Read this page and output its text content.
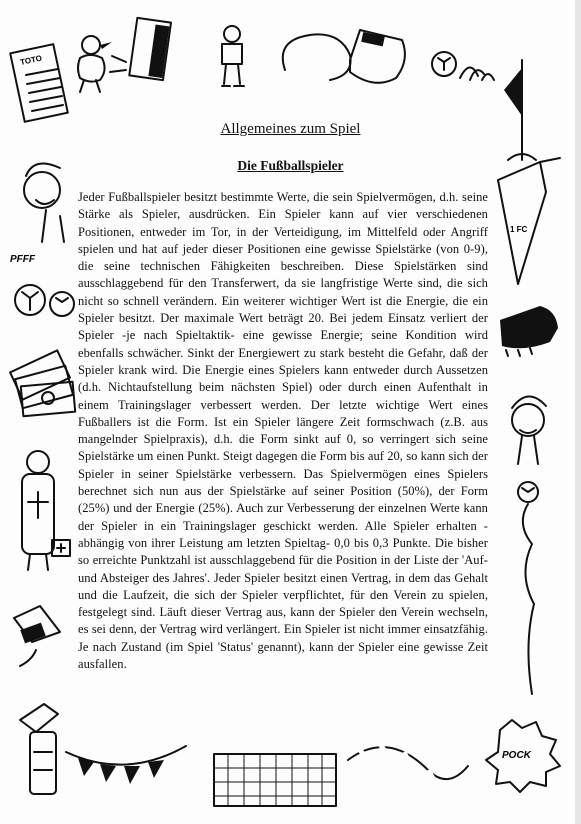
TOTO
PFFF
1 FC
POCK
Allgemeines zum Spiel
Die Fußballspieler
Jeder Fußballspieler besitzt bestimmte Werte, die sein Spielvermögen, d.h. seine Stärke als Spieler, ausdrücken. Ein Spieler kann auf vier verschiedenen Positionen, entweder im Tor, in der Verteidigung, im Mittelfeld oder Angriff spielen und hat auf jeder dieser Positionen eine gewisse Spielstärke (von 0-9), die seine technischen Fähigkeiten beschreiben. Diese Spielstärken sind ausschlaggebend für den Transferwert, da sie langfristige Werte sind, die sich nicht so schnell verändern. Ein weiterer wichtiger Wert ist die Energie, die ein Spieler besitzt. Der maximale Wert beträgt 20. Bei jedem Einsatz verliert der Spieler -je nach Spieltaktik- eine gewisse Energie; seine Kondition wird ebenfalls schwächer. Sinkt der Energiewert zu stark besteht die Gefahr, daß der Spieler krank wird. Die Energie eines Spielers kann entweder durch Aussetzen (d.h. Nichtaufstellung beim nächsten Spiel) oder durch einen Aufenthalt in einem Trainingslager verbessert werden. Der letzte wichtige Wert eines Fußballers ist die Form. Ist ein Spieler längere Zeit formschwach (z.B. aus mangelnder Spielpraxis), d.h. die Form sinkt auf 0, so verringert sich seine Spielstärke um einen Punkt. Steigt dagegen die Form bis auf 20, so kann sich der Spieler in seiner Spielstärke verbessern. Das Spielvermögen eines Spielers berechnet sich nun aus der Spielstärke auf seiner Position (50%), der Form (25%) und der Energie (25%). Auch zur Verbesserung der einzelnen Werte kann der Spieler in ein Trainingslager geschickt werden. Alle Spieler erhalten -abhängig von ihrer Leistung am letzten Spieltag- 0,0 bis 0,3 Punkte. Die bisher so erreichte Punktzahl ist ausschlaggebend für die Position in der Liste der 'Auf- und Absteiger des Jahres'. Jeder Spieler besitzt einen Vertrag, in dem das Gehalt und die Laufzeit, die sich der Spieler verpflichtet, für den Verein zu spielen, festgelegt sind. Läuft dieser Vertrag aus, kann der Spieler den Verein wechseln, es sei denn, der Vertrag wird verlängert. Ein Spieler ist nicht immer einsatzfähig. Je nach Zustand (im Spiel 'Status' genannt), kann der Spieler eine gewisse Zeit ausfallen.
